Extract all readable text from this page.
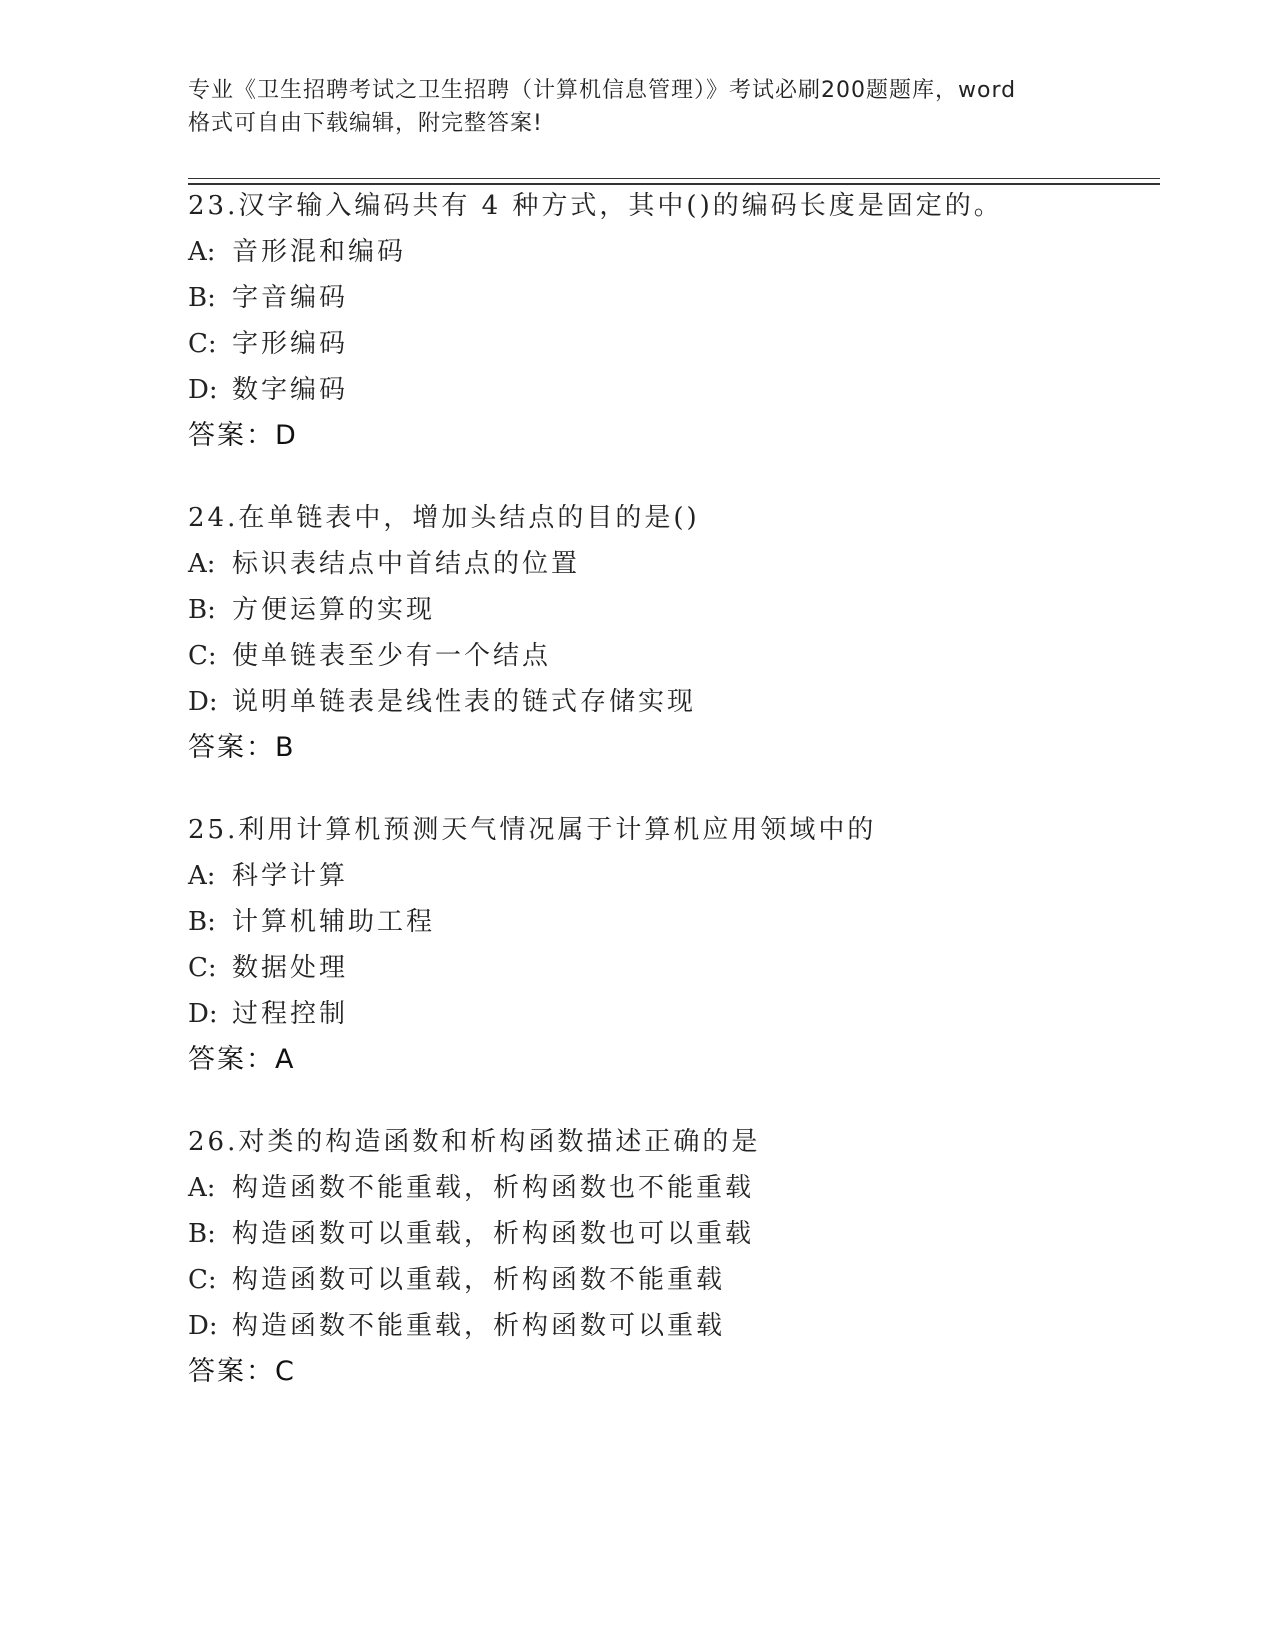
专业《卫生招聘考试之卫生招聘（计算机信息管理）》考试必刷200题题库，word
格式可自由下载编辑，附完整答案!
23.汉字输入编码共有 4 种方式，其中()的编码长度是固定的。
A: 音形混和编码
B: 字音编码
C: 字形编码
D: 数字编码
答案：D
24.在单链表中，增加头结点的目的是()
A: 标识表结点中首结点的位置
B: 方便运算的实现
C: 使单链表至少有一个结点
D: 说明单链表是线性表的链式存储实现
答案：B
25.利用计算机预测天气情况属于计算机应用领域中的
A: 科学计算
B: 计算机辅助工程
C: 数据处理
D: 过程控制
答案：A
26.对类的构造函数和析构函数描述正确的是
A: 构造函数不能重载，析构函数也不能重载
B: 构造函数可以重载，析构函数也可以重载
C: 构造函数可以重载，析构函数不能重载
D: 构造函数不能重载，析构函数可以重载
答案：C
